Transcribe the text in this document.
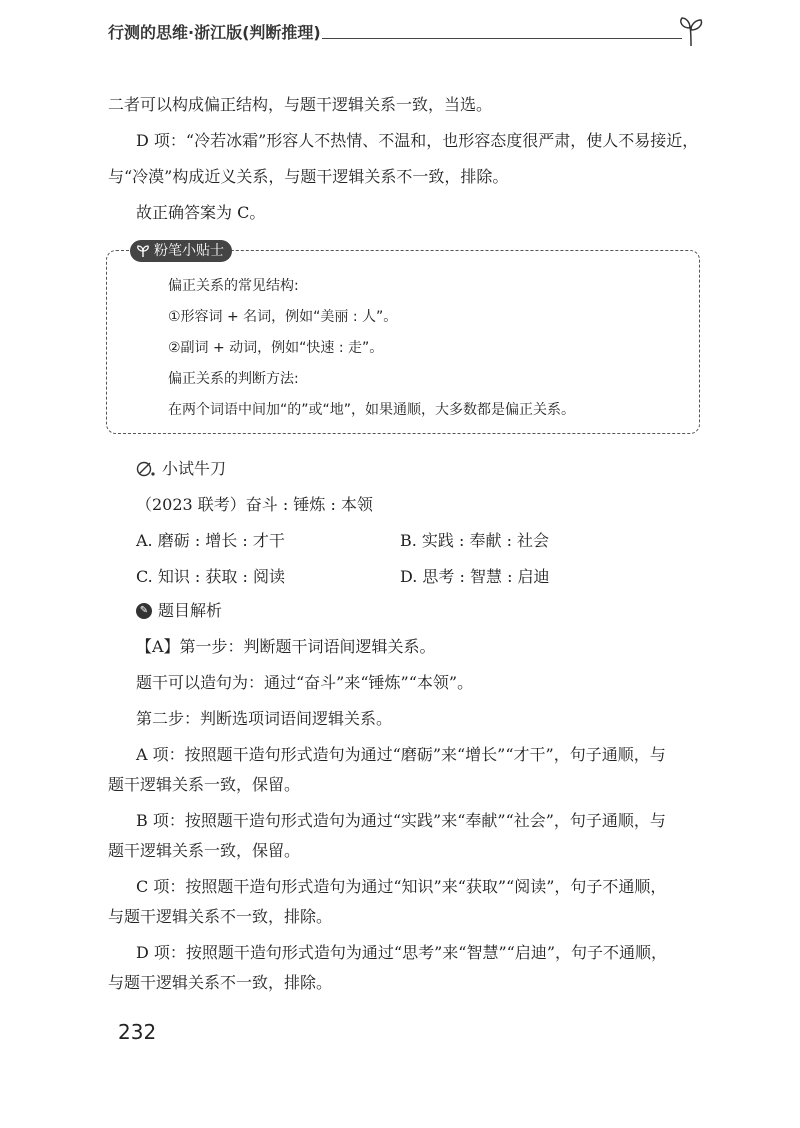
行测的思维·浙江版(判断推理)
二者可以构成偏正结构，与题干逻辑关系一致，当选。
D 项：“冷若冰霜”形容人不热情、不温和，也形容态度很严肃，使人不易接近，
与“冷漠”构成近义关系，与题干逻辑关系不一致，排除。
故正确答案为 C。
粉笔小贴士
偏正关系的常见结构:
①形容词 + 名词，例如“美丽 : 人”。
②副词 + 动词，例如“快速 : 走”。
偏正关系的判断方法:
在两个词语中间加“的”或“地”，如果通顺，大多数都是偏正关系。
小试牛刀
（2023 联考）奋斗 : 锤炼 : 本领
A. 磨砺 : 增长 : 才干	B. 实践 : 奉献 : 社会
C. 知识 : 获取 : 阅读	D. 思考 : 智慧 : 启迪
✎ 题目解析
【A】第一步：判断题干词语间逻辑关系。
题干可以造句为：通过“奋斗”来“锤炼”“本领”。
第二步：判断选项词语间逻辑关系。
A 项：按照题干造句形式造句为通过“磨砺”来“增长”“才干”，句子通顺，与
题干逻辑关系一致，保留。
B 项：按照题干造句形式造句为通过“实践”来“奉献”“社会”，句子通顺，与
题干逻辑关系一致，保留。
C 项：按照题干造句形式造句为通过“知识”来“获取”“阅读”，句子不通顺，
与题干逻辑关系不一致，排除。
D 项：按照题干造句形式造句为通过“思考”来“智慧”“启迪”，句子不通顺，
与题干逻辑关系不一致，排除。
232
